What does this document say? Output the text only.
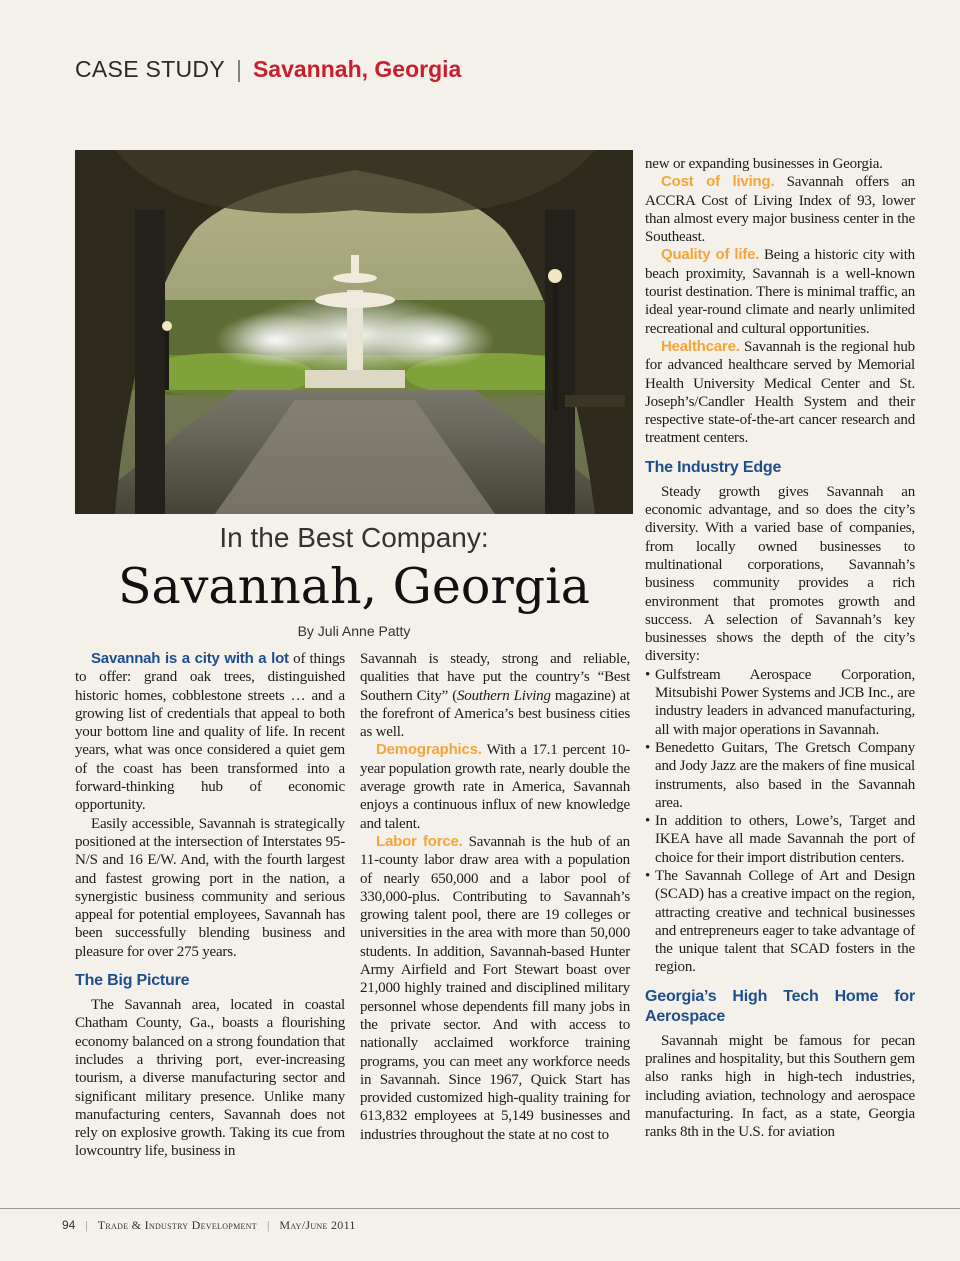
CASE STUDY | Savannah, Georgia
In the Best Company:
Savannah, Georgia
By Juli Anne Patty

Savannah is a city with a lot of things to offer: grand oak trees, distinguished historic homes, cobblestone streets … and a growing list of credentials that appeal to both your bottom line and quality of life. In recent years, what was once considered a quiet gem of the coast has been transformed into a forward-thinking hub of economic opportunity.

Easily accessible, Savannah is strategically positioned at the intersection of Interstates 95-N/S and 16 E/W. And, with the fourth largest and fastest growing port in the nation, a synergistic business community and serious appeal for potential employees, Savannah has been successfully blending business and pleasure for over 275 years.

The Big Picture

The Savannah area, located in coastal Chatham County, Ga., boasts a flourishing economy balanced on a strong foundation that includes a thriving port, ever-increasing tourism, a diverse manufacturing sector and significant military presence. Unlike many manufacturing centers, Savannah does not rely on explosive growth. Taking its cue from lowcountry life, business in

Savannah is steady, strong and reliable, qualities that have put the country’s “Best Southern City” (Southern Living magazine) at the forefront of America’s best business cities as well.

Demographics. With a 17.1 percent 10-year population growth rate, nearly double the average growth rate in America, Savannah enjoys a continuous influx of new knowledge and talent.

Labor force. Savannah is the hub of an 11-county labor draw area with a population of nearly 650,000 and a labor pool of 330,000-plus. Contributing to Savannah’s growing talent pool, there are 19 colleges or universities in the area with more than 50,000 students. In addition, Savannah-based Hunter Army Airfield and Fort Stewart boast over 21,000 highly trained and disciplined military personnel whose dependents fill many jobs in the private sector. And with access to nationally acclaimed workforce training programs, you can meet any workforce needs in Savannah. Since 1967, Quick Start has provided customized high-quality training for 613,832 employees at 5,149 businesses and industries throughout the state at no cost to

new or expanding businesses in Georgia.

Cost of living. Savannah offers an ACCRA Cost of Living Index of 93, lower than almost every major business center in the Southeast.

Quality of life. Being a historic city with beach proximity, Savannah is a well-known tourist destination. There is minimal traffic, an ideal year-round climate and nearly unlimited recreational and cultural opportunities.

Healthcare. Savannah is the regional hub for advanced healthcare served by Memorial Health University Medical Center and St. Joseph’s/Candler Health System and their respective state-of-the-art cancer research and treatment centers.

The Industry Edge

Steady growth gives Savannah an economic advantage, and so does the city’s diversity. With a varied base of companies, from locally owned businesses to multinational corporations, Savannah’s business community provides a rich environment that promotes growth and success. A selection of Savannah’s key businesses shows the depth of the city’s diversity:

• Gulfstream Aerospace Corporation, Mitsubishi Power Systems and JCB Inc., are industry leaders in advanced manufacturing, all with major operations in Savannah.
• Benedetto Guitars, The Gretsch Company and Jody Jazz are the makers of fine musical instruments, also based in the Savannah area.
• In addition to others, Lowe’s, Target and IKEA have all made Savannah the port of choice for their import distribution centers.
• The Savannah College of Art and Design (SCAD) has a creative impact on the region, attracting creative and technical businesses and entrepreneurs eager to take advantage of the unique talent that SCAD fosters in the region.
Georgia’s High Tech Home for Aerospace

Savannah might be famous for pecan pralines and hospitality, but this Southern gem also ranks high in high-tech industries, including aviation, technology and aerospace manufacturing. In fact, as a state, Georgia ranks 8th in the U.S. for aviation

94 | Trade & Industry Development | May/June 2011
